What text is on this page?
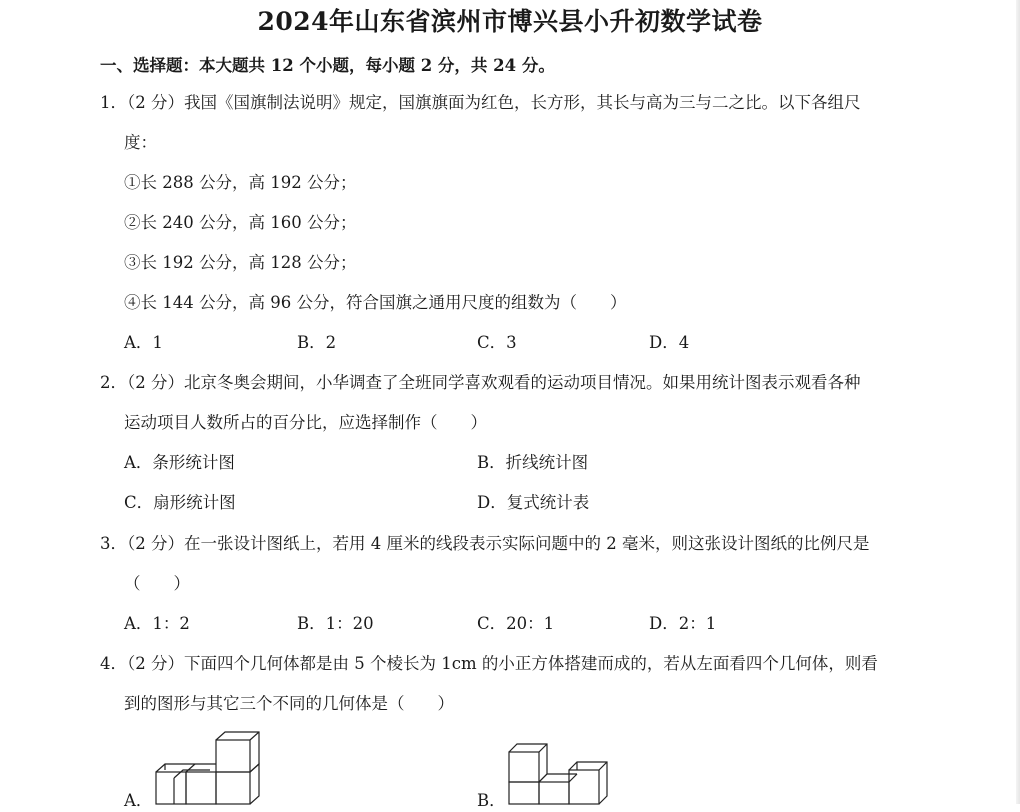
2024年山东省滨州市博兴县小升初数学试卷
一、选择题：本大题共 12 个小题，每小题 2 分，共 24 分。
1．（2 分）我国《国旗制法说明》规定，国旗旗面为红色，长方形，其长与高为三与二之比。以下各组尺
度：
①长 288 公分，高 192 公分；
②长 240 公分，高 160 公分；
③长 192 公分，高 128 公分；
④长 144 公分，高 96 公分，符合国旗之通用尺度的组数为（　　）
A．1	B．2	C．3	D．4
2．（2 分）北京冬奥会期间，小华调查了全班同学喜欢观看的运动项目情况。如果用统计图表示观看各种
运动项目人数所占的百分比，应选择制作（　　）
A．条形统计图	B．折线统计图
C．扇形统计图	D．复式统计表
3．（2 分）在一张设计图纸上，若用 4 厘米的线段表示实际问题中的 2 毫米，则这张设计图纸的比例尺是
（　　）
A．1：2	B．1：20	C．20：1	D．2：1
4．（2 分）下面四个几何体都是由 5 个棱长为 1cm 的小正方体搭建而成的，若从左面看四个几何体，则看
到的图形与其它三个不同的几何体是（　　）
A．	B．
